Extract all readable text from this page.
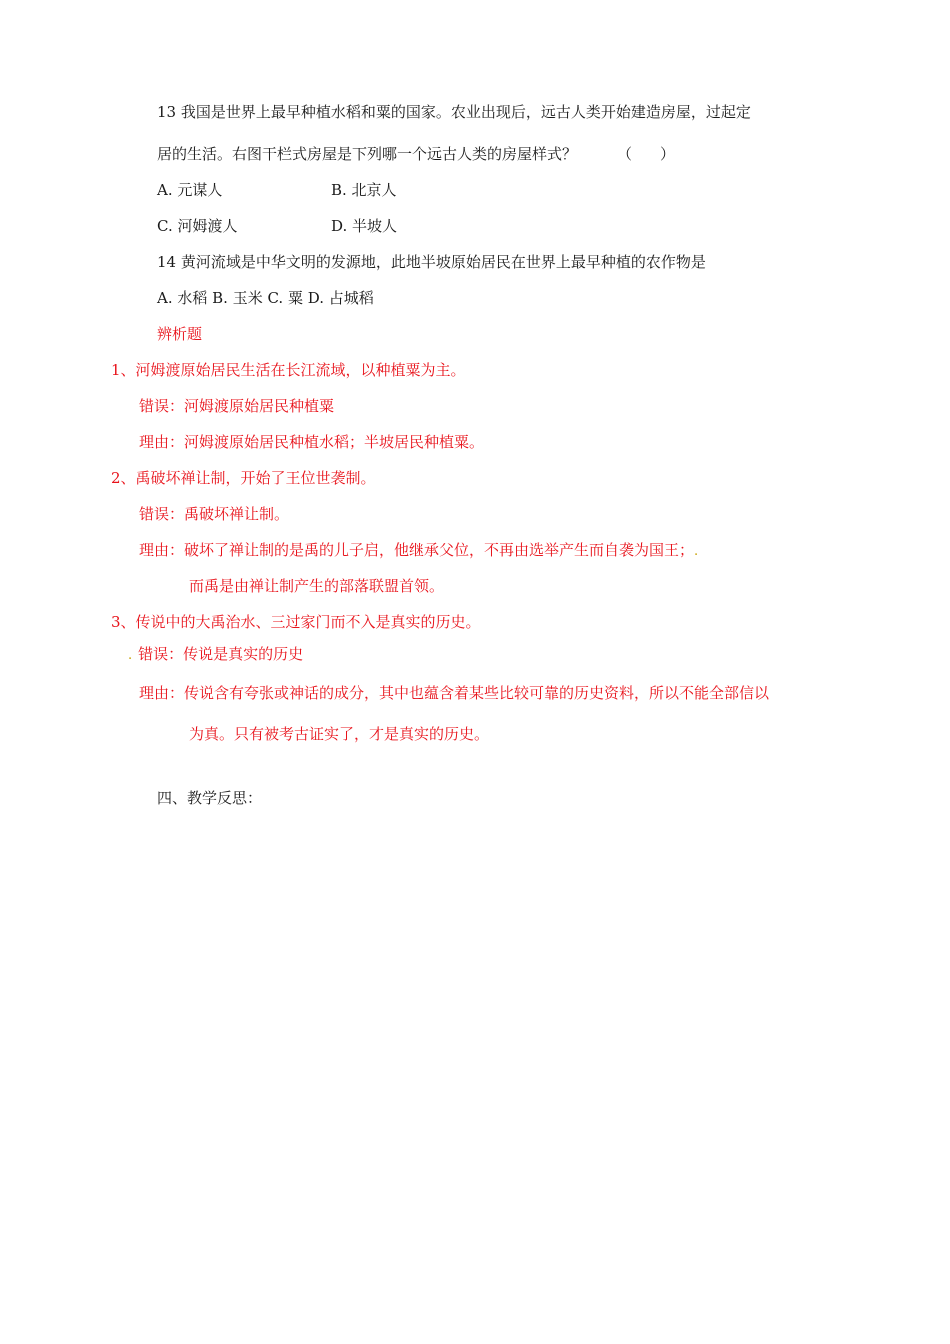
13 我国是世界上最早种植水稻和粟的国家。农业出现后，远古人类开始建造房屋，过起定
居的生活。右图干栏式房屋是下列哪一个远古人类的房屋样式？	（ ）
A. 元谋人	B. 北京人
C. 河姆渡人	D. 半坡人
14 黄河流域是中华文明的发源地，此地半坡原始居民在世界上最早种植的农作物是
A. 水稻 B. 玉米 C. 粟 D. 占城稻
辨析题
1、河姆渡原始居民生活在长江流域，以种植粟为主。
错误：河姆渡原始居民种植粟
理由：河姆渡原始居民种植水稻；半坡居民种植粟。
2、禹破坏禅让制，开始了王位世袭制。
错误：禹破坏禅让制。
理由：破坏了禅让制的是禹的儿子启，他继承父位，不再由选举产生而自袭为国王；.
而禹是由禅让制产生的部落联盟首领。
3、传说中的大禹治水、三过家门而不入是真实的历史。
. 错误：传说是真实的历史
理由：传说含有夸张或神话的成分，其中也蕴含着某些比较可靠的历史资料，所以不能全部信以
为真。只有被考古证实了，才是真实的历史。
四、教学反思：
